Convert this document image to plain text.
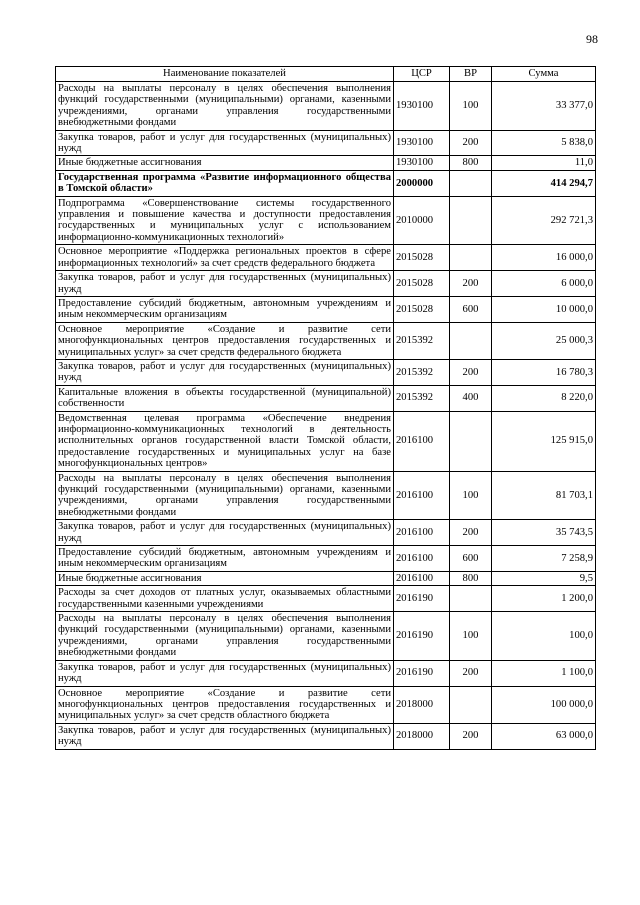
98
Наименование показателей	ЦСР	ВР	Сумма
Расходы на выплаты персоналу в целях обеспечения выполнения функций государственными (муниципальными) органами, казенными учреждениями, органами управления государственными внебюджетными фондами	1930100	100	33 377,0
Закупка товаров, работ и услуг для государственных (муниципальных) нужд	1930100	200	5 838,0
Иные бюджетные ассигнования	1930100	800	11,0
Государственная программа «Развитие информационного общества в Томской области»	2000000		414 294,7
Подпрограмма «Совершенствование системы государственного управления и повышение качества и доступности предоставления государственных и муниципальных услуг с использованием информационно-коммуникационных технологий»	2010000		292 721,3
Основное мероприятие «Поддержка региональных проектов в сфере информационных технологий» за счет средств федерального бюджета	2015028		16 000,0
Закупка товаров, работ и услуг для государственных (муниципальных) нужд	2015028	200	6 000,0
Предоставление субсидий бюджетным, автономным учреждениям и иным некоммерческим организациям	2015028	600	10 000,0
Основное мероприятие «Создание и развитие сети многофункциональных центров предоставления государственных и муниципальных услуг» за счет средств федерального бюджета	2015392		25 000,3
Закупка товаров, работ и услуг для государственных (муниципальных) нужд	2015392	200	16 780,3
Капитальные вложения в объекты государственной (муниципальной) собственности	2015392	400	8 220,0
Ведомственная целевая программа «Обеспечение внедрения информационно-коммуникационных технологий в деятельность исполнительных органов государственной власти Томской области, предоставление государственных и муниципальных услуг на базе многофункциональных центров»	2016100		125 915,0
Расходы на выплаты персоналу в целях обеспечения выполнения функций государственными (муниципальными) органами, казенными учреждениями, органами управления государственными внебюджетными фондами	2016100	100	81 703,1
Закупка товаров, работ и услуг для государственных (муниципальных) нужд	2016100	200	35 743,5
Предоставление субсидий бюджетным, автономным учреждениям и иным некоммерческим организациям	2016100	600	7 258,9
Иные бюджетные ассигнования	2016100	800	9,5
Расходы за счет доходов от платных услуг, оказываемых областными государственными казенными учреждениями	2016190		1 200,0
Расходы на выплаты персоналу в целях обеспечения выполнения функций государственными (муниципальными) органами, казенными учреждениями, органами управления государственными внебюджетными фондами	2016190	100	100,0
Закупка товаров, работ и услуг для государственных (муниципальных) нужд	2016190	200	1 100,0
Основное мероприятие «Создание и развитие сети многофункциональных центров предоставления государственных и муниципальных услуг» за счет средств областного бюджета	2018000		100 000,0
Закупка товаров, работ и услуг для государственных (муниципальных) нужд	2018000	200	63 000,0
